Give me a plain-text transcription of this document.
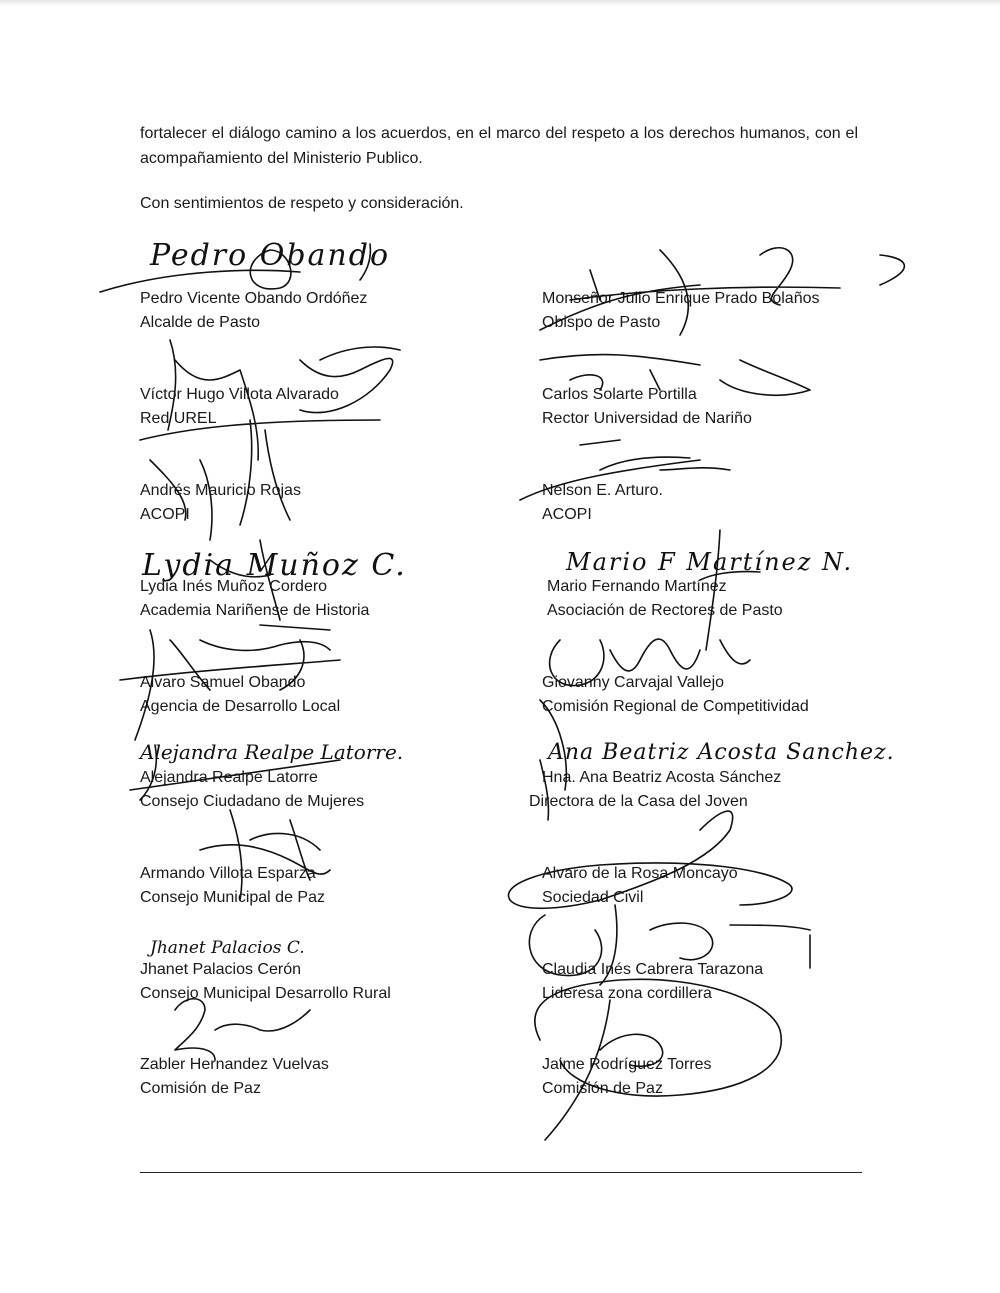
fortalecer el diálogo camino a los acuerdos, en el marco del respeto a los derechos humanos, con el acompañamiento del Ministerio Publico.

Con sentimientos de respeto y consideración.

Pedro Vicente Obando Ordóñez
Alcalde de Pasto
Víctor Hugo Villota Alvarado
Red UREL
Andrés Mauricio Rojas
ACOPI
Lydia Inés Muñoz Cordero
Academia Nariñense de Historia
Alvaro Samuel Obando
Agencia de Desarrollo Local
Alejandra Realpe Latorre
Consejo Ciudadano de Mujeres
Armando Villota Esparza
Consejo Municipal de Paz
Jhanet Palacios Cerón
Consejo Municipal Desarrollo Rural
Zabler Hernandez Vuelvas
Comisión de Paz
Monseñor Julio Enrique Prado Bolaños
Obispo de Pasto
Carlos Solarte Portilla
Rector Universidad de Nariño
Nelson E. Arturo.
ACOPI
Mario Fernando Martínez
Asociación de Rectores de Pasto
Giovanny Carvajal Vallejo
Comisión Regional de Competitividad
Hna. Ana Beatriz Acosta Sánchez
Directora de la Casa del Joven
Alvaro de la Rosa Moncayo
Sociedad Civil
Claudia Inés Cabrera Tarazona
Lideresa zona cordillera
Jaime Rodríguez Torres
Comisión de Paz
Pedro Obando
Lydia Muñoz C.	Mario F Martínez N.
Alejandra Realpe Latorre.	Ana Beatriz Acosta Sanchez.
Jhanet Palacios C.
